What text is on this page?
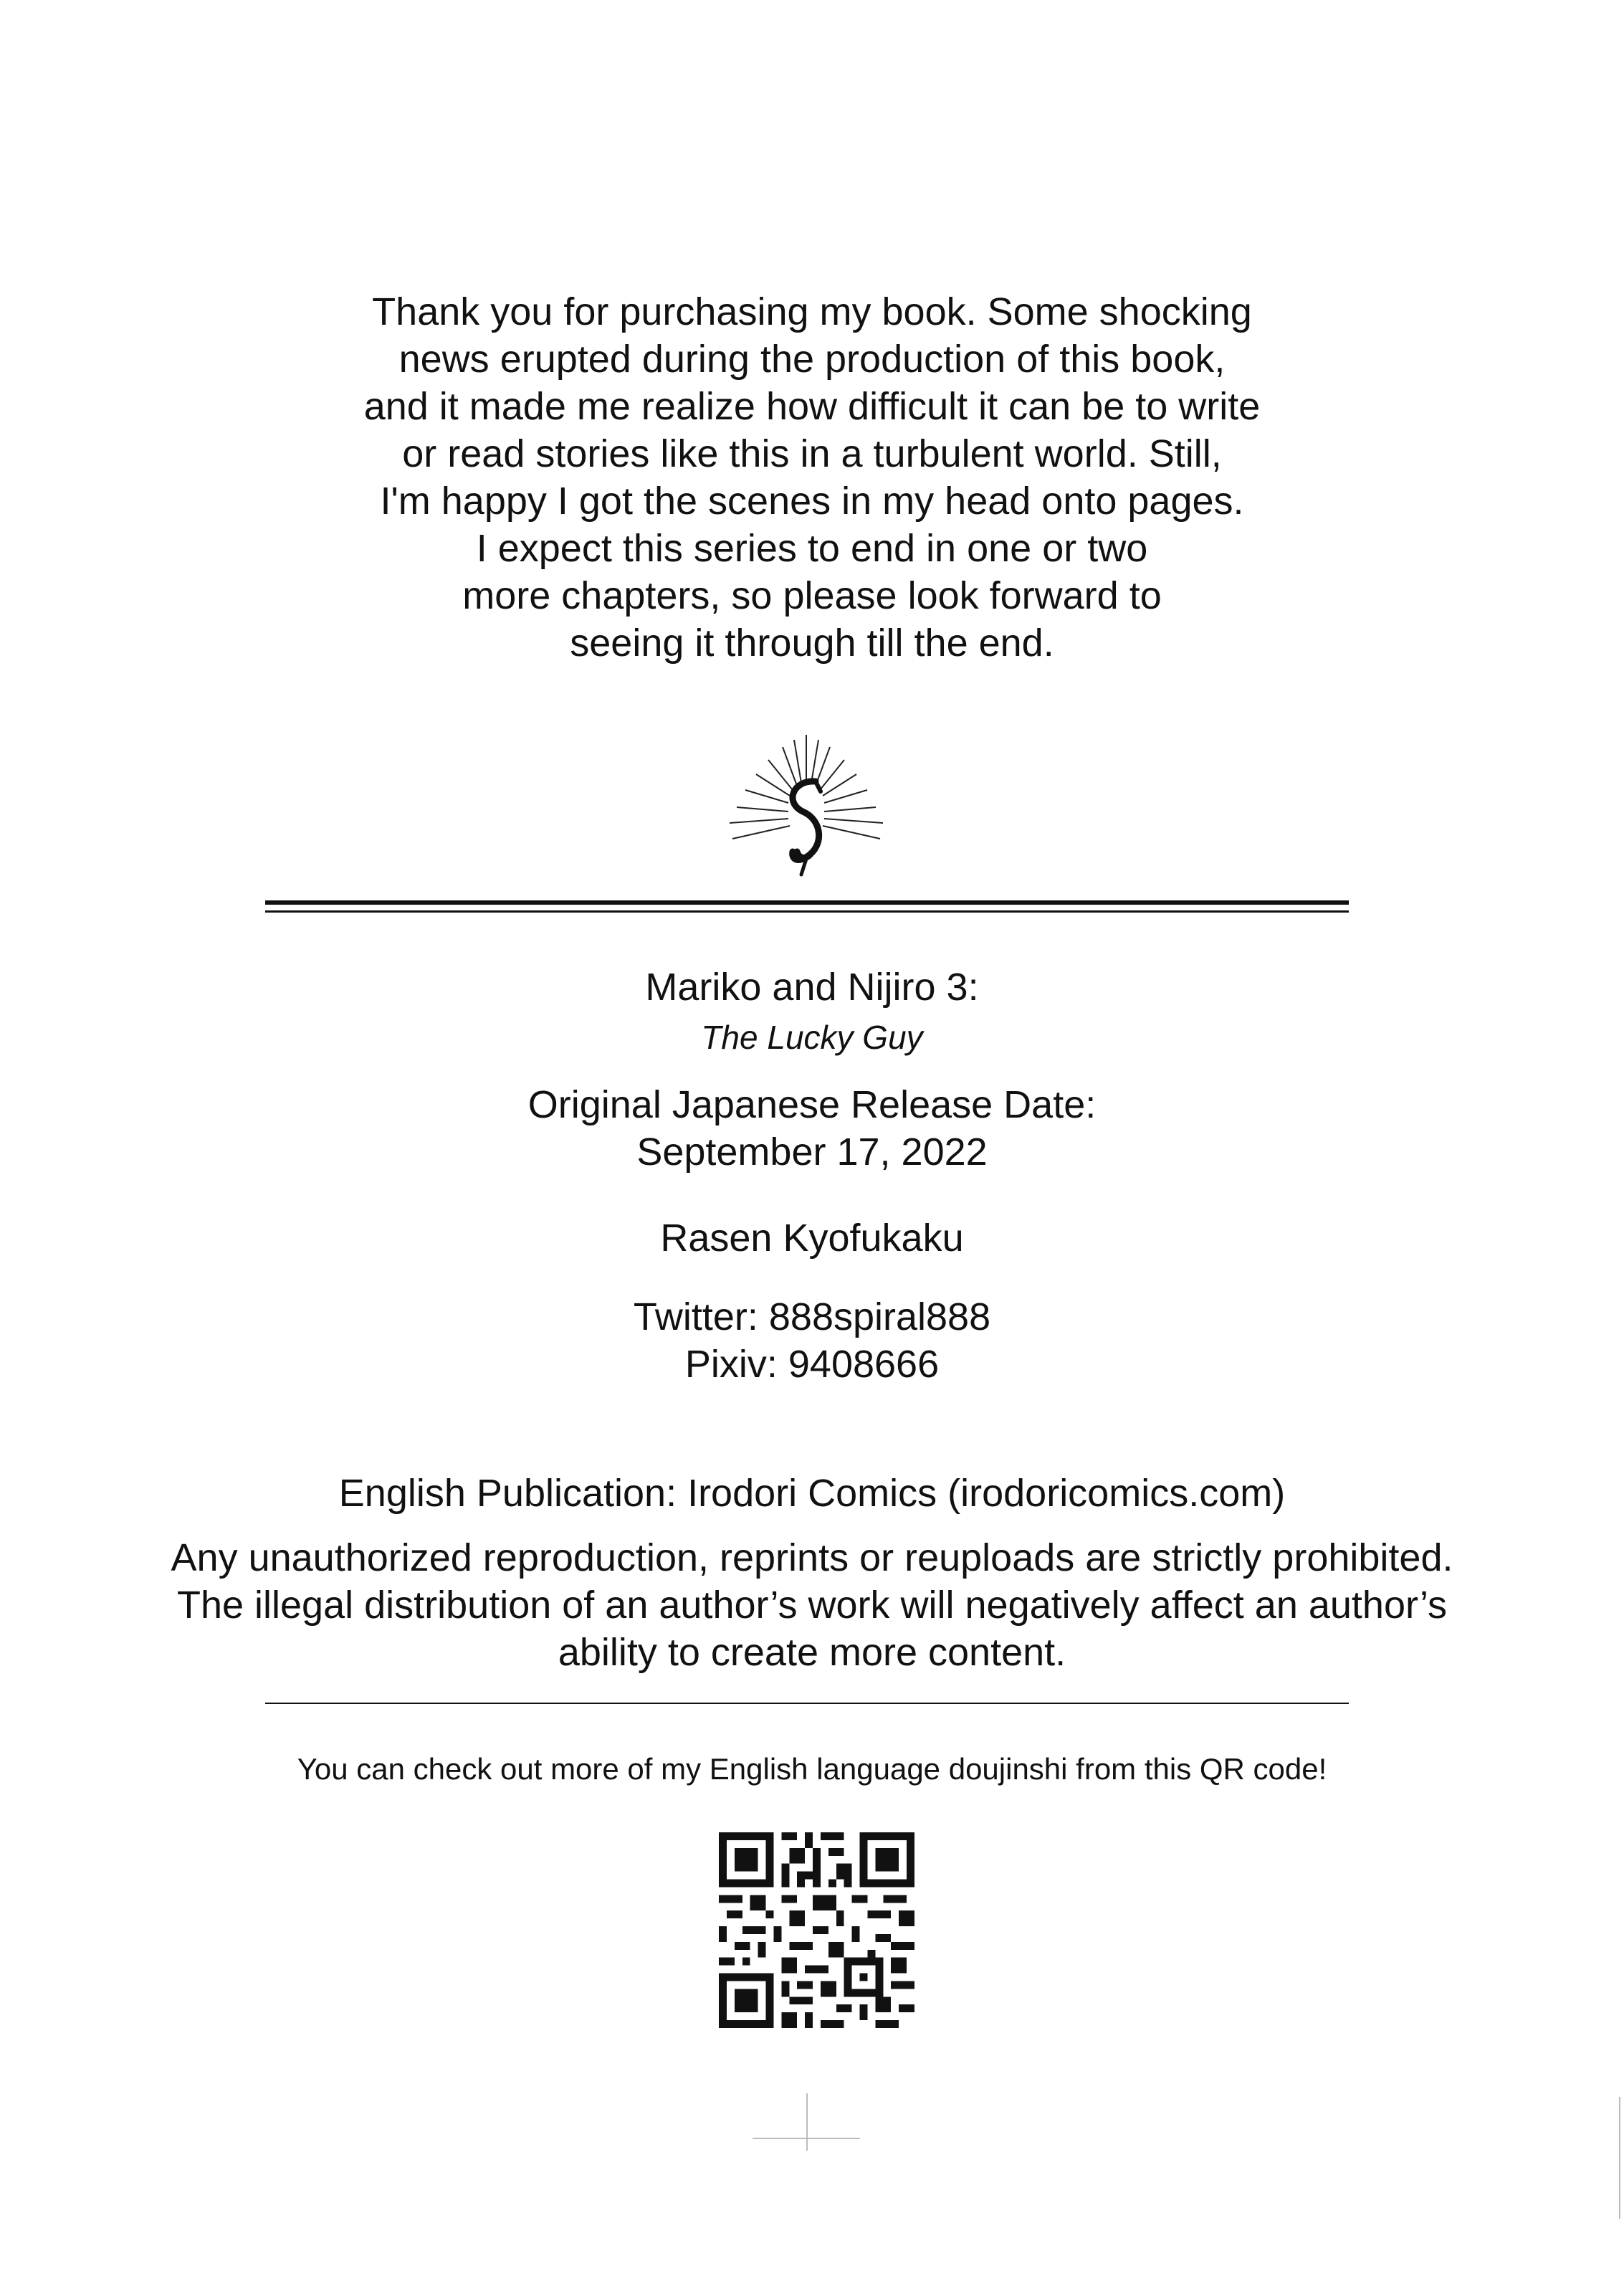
Thank you for purchasing my book. Some shocking
news erupted during the production of this book,
and it made me realize how difficult it can be to write
or read stories like this in a turbulent world. Still,
I'm happy I got the scenes in my head onto pages.
I expect this series to end in one or two
more chapters, so please look forward to
seeing it through till the end.
Mariko and Nijiro 3:
The Lucky Guy
Original Japanese Release Date:
September 17, 2022
Rasen Kyofukaku
Twitter: 888spiral888
Pixiv: 9408666
English Publication: Irodori Comics (irodoricomics.com)
Any unauthorized reproduction, reprints or reuploads are strictly prohibited.
The illegal distribution of an author’s work will negatively affect an author’s
ability to create more content.
You can check out more of my English language doujinshi from this QR code!
